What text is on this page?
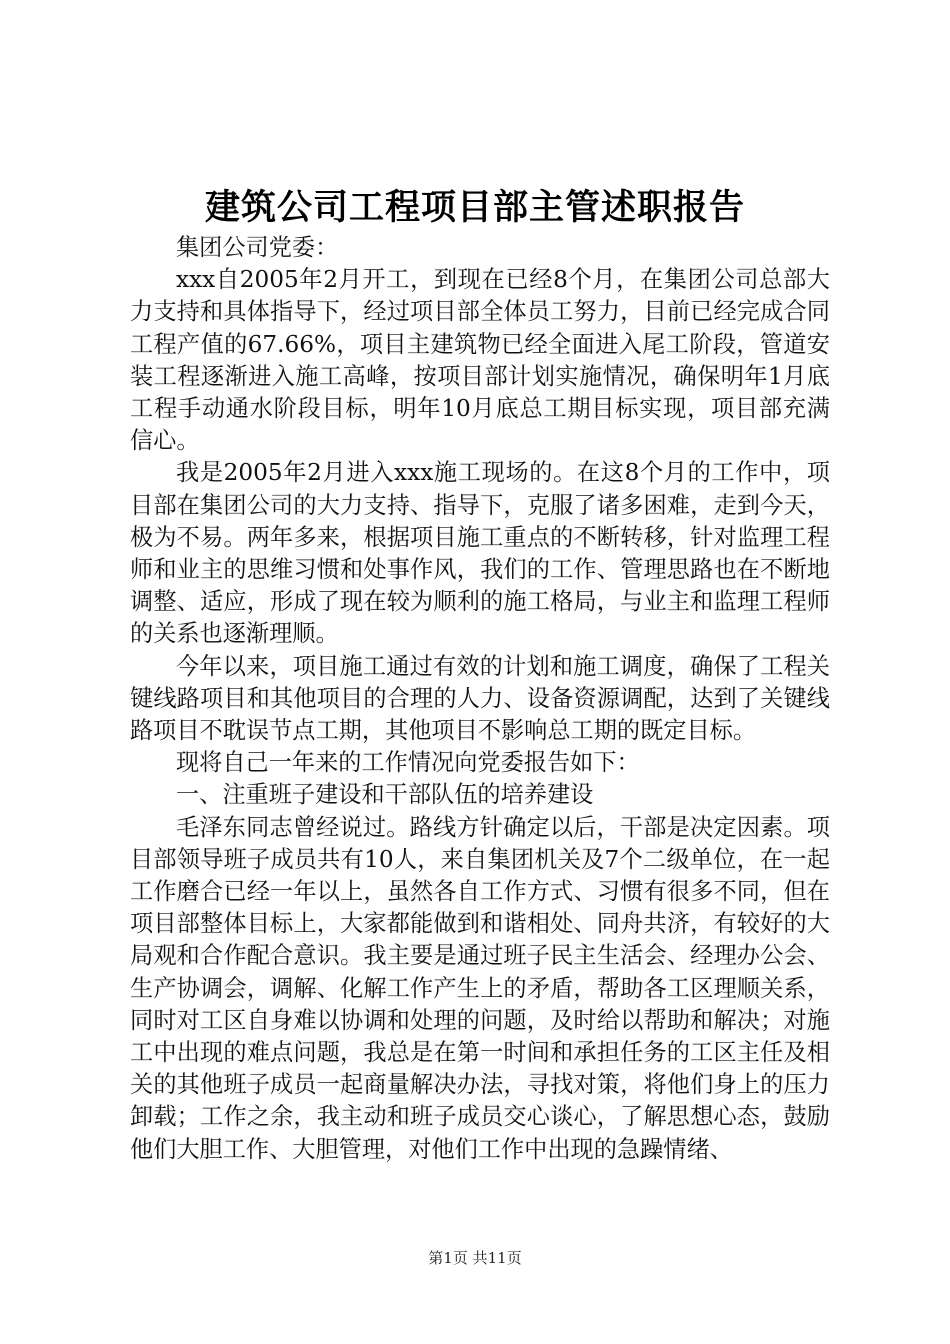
建筑公司工程项目部主管述职报告

集团公司党委：

xxx自2005年2月开工，到现在已经8个月，在集团公司总部大力支持和具体指导下，经过项目部全体员工努力，目前已经完成合同工程产值的67.66%，项目主建筑物已经全面进入尾工阶段，管道安装工程逐渐进入施工高峰，按项目部计划实施情况，确保明年1月底工程手动通水阶段目标，明年10月底总工期目标实现，项目部充满信心。

我是2005年2月进入xxx施工现场的。在这8个月的工作中，项目部在集团公司的大力支持、指导下，克服了诸多困难，走到今天，极为不易。两年多来，根据项目施工重点的不断转移，针对监理工程师和业主的思维习惯和处事作风，我们的工作、管理思路也在不断地调整、适应，形成了现在较为顺利的施工格局，与业主和监理工程师的关系也逐渐理顺。

今年以来，项目施工通过有效的计划和施工调度，确保了工程关键线路项目和其他项目的合理的人力、设备资源调配，达到了关键线路项目不耽误节点工期，其他项目不影响总工期的既定目标。

现将自己一年来的工作情况向党委报告如下：

一、注重班子建设和干部队伍的培养建设

毛泽东同志曾经说过。路线方针确定以后，干部是决定因素。项目部领导班子成员共有10人，来自集团机关及7个二级单位，在一起工作磨合已经一年以上，虽然各自工作方式、习惯有很多不同，但在项目部整体目标上，大家都能做到和谐相处、同舟共济，有较好的大局观和合作配合意识。我主要是通过班子民主生活会、经理办公会、生产协调会，调解、化解工作产生上的矛盾，帮助各工区理顺关系，同时对工区自身难以协调和处理的问题，及时给以帮助和解决；对施工中出现的难点问题，我总是在第一时间和承担任务的工区主任及相关的其他班子成员一起商量解决办法，寻找对策，将他们身上的压力卸载；工作之余，我主动和班子成员交心谈心，了解思想心态，鼓励他们大胆工作、大胆管理，对他们工作中出现的急躁情绪、

第1页 共11页
